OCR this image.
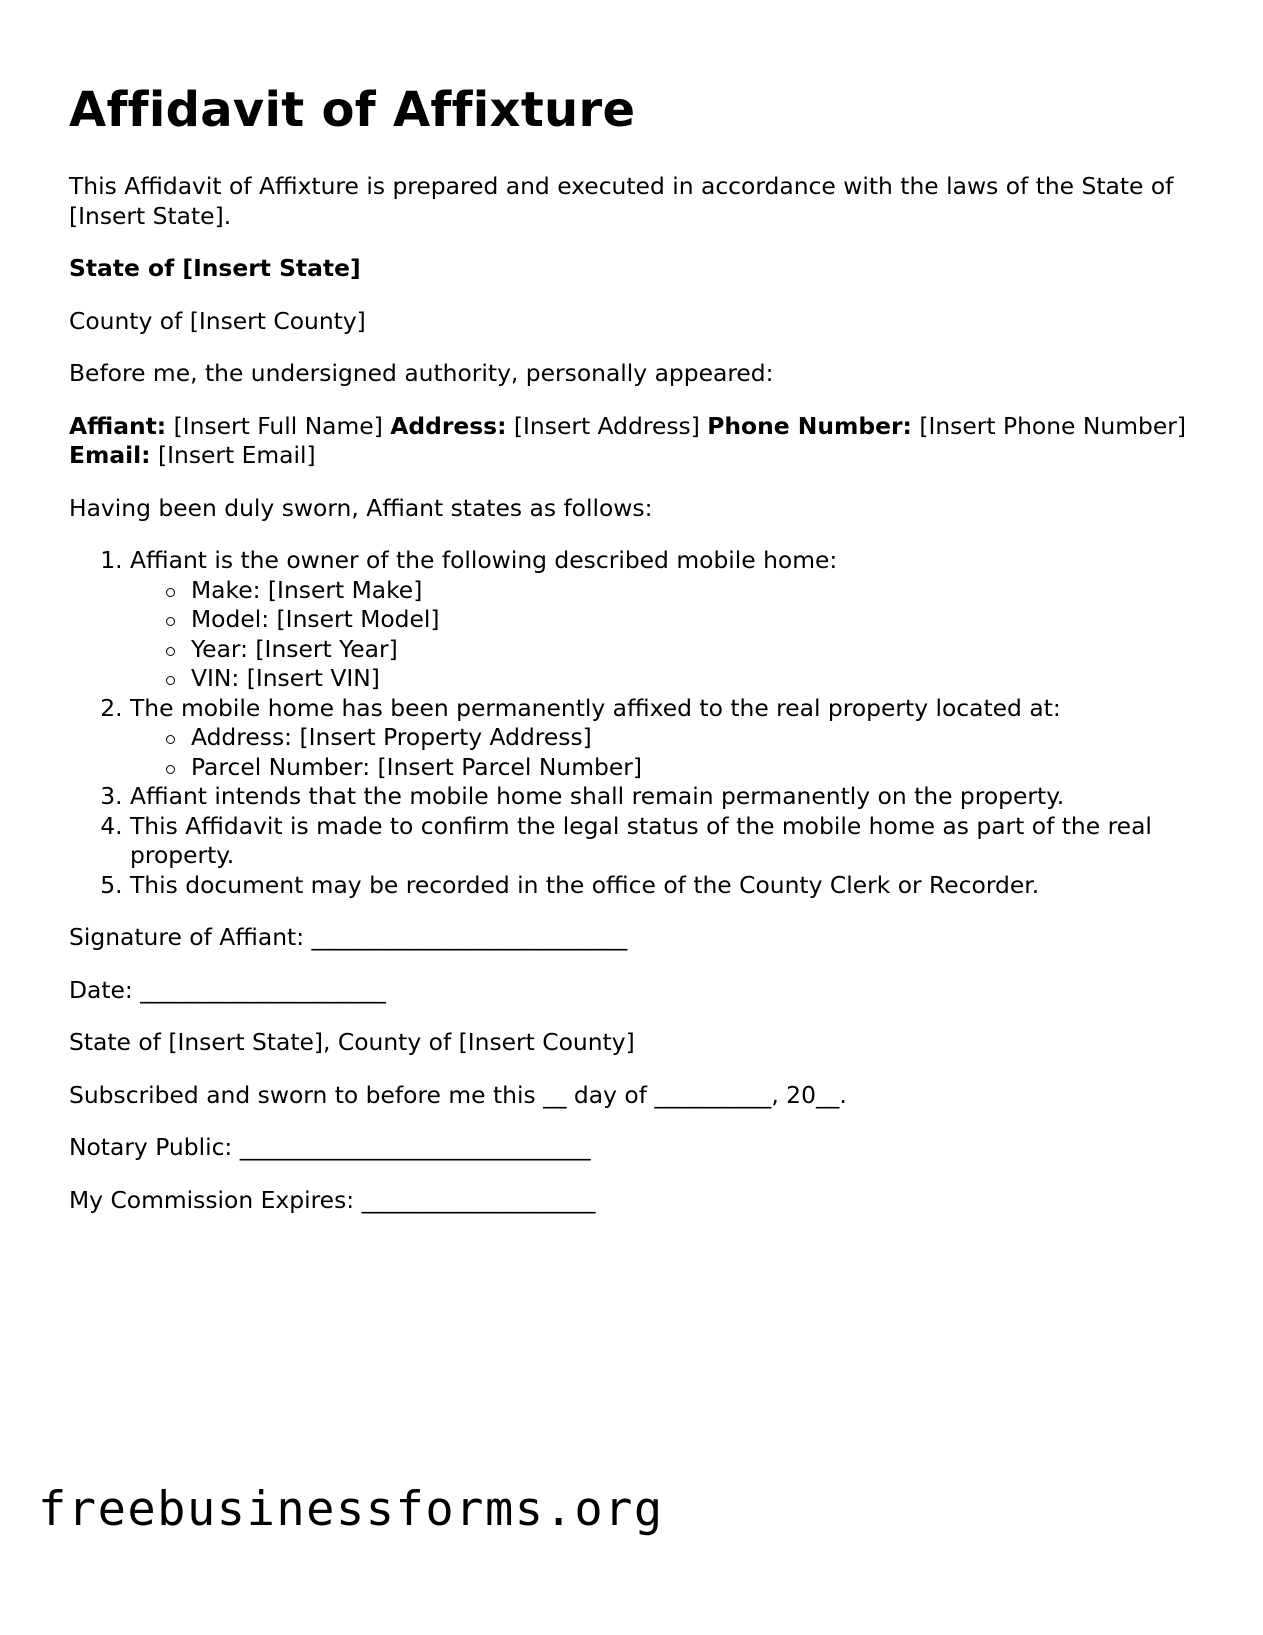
Affidavit of Affixture

This Affidavit of Affixture is prepared and executed in accordance with the laws of the State of [Insert State].

State of [Insert State]

County of [Insert County]

Before me, the undersigned authority, personally appeared:

Affiant: [Insert Full Name] Address: [Insert Address] Phone Number: [Insert Phone Number] Email: [Insert Email]

Having been duly sworn, Affiant states as follows:

1. Affiant is the owner of the following described mobile home:
Make: [Insert Make]
Model: [Insert Model]
Year: [Insert Year]
VIN: [Insert VIN]
2. The mobile home has been permanently affixed to the real property located at:
Address: [Insert Property Address]
Parcel Number: [Insert Parcel Number]
3. Affiant intends that the mobile home shall remain permanently on the property.
4. This Affidavit is made to confirm the legal status of the mobile home as part of the real property.
5. This document may be recorded in the office of the County Clerk or Recorder.

Signature of Affiant: ___________________________

Date: _____________________

State of [Insert State], County of [Insert County]

Subscribed and sworn to before me this __ day of __________, 20__.

Notary Public: ______________________________

My Commission Expires: ____________________

freebusinessforms.org
